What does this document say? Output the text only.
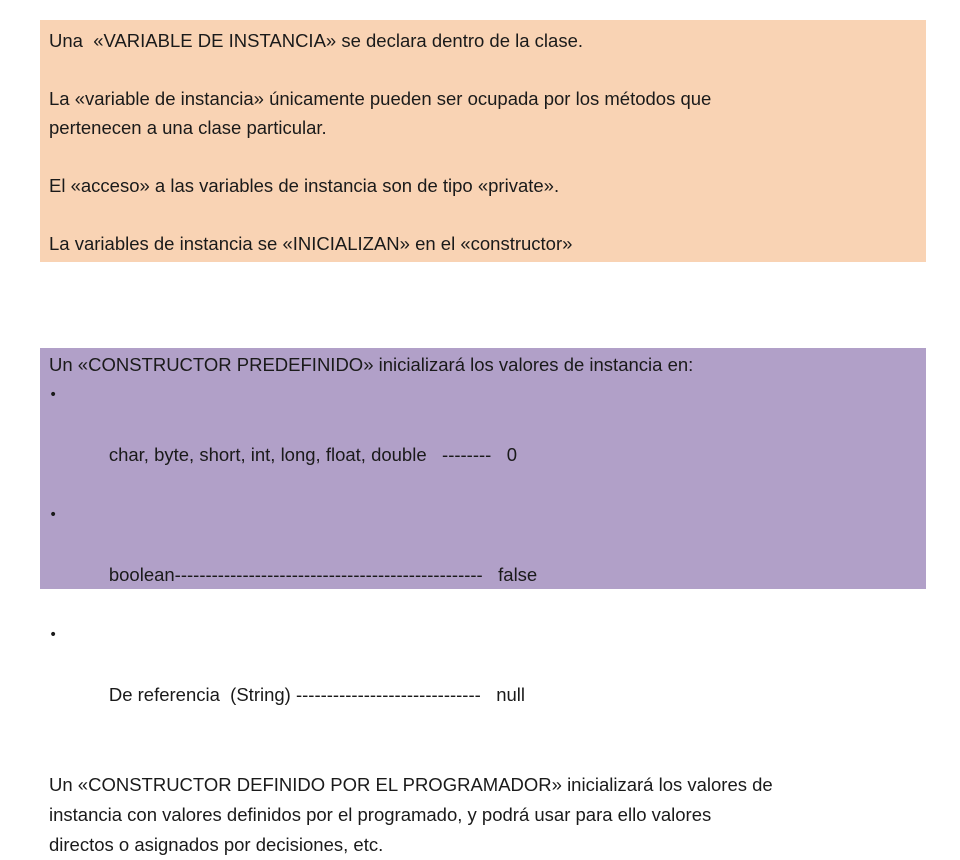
Una  «VARIABLE DE INSTANCIA» se declara dentro de la clase.

La «variable de instancia» únicamente pueden ser ocupada por los métodos que

pertenecen a una clase particular.

El «acceso» a las variables de instancia son de tipo «private».

La variables de instancia se «INICIALIZAN» en el «constructor»

Un «CONSTRUCTOR PREDEFINIDO» inicializará los valores de instancia en:

•

char, byte, short, int, long, float, double   --------   0

•

boolean--------------------------------------------------   false

•

De referencia  (String) ------------------------------   null

Un «CONSTRUCTOR DEFINIDO POR EL PROGRAMADOR» inicializará los valores de

instancia con valores definidos por el programado, y podrá usar para ello valores

directos o asignados por decisiones, etc.
